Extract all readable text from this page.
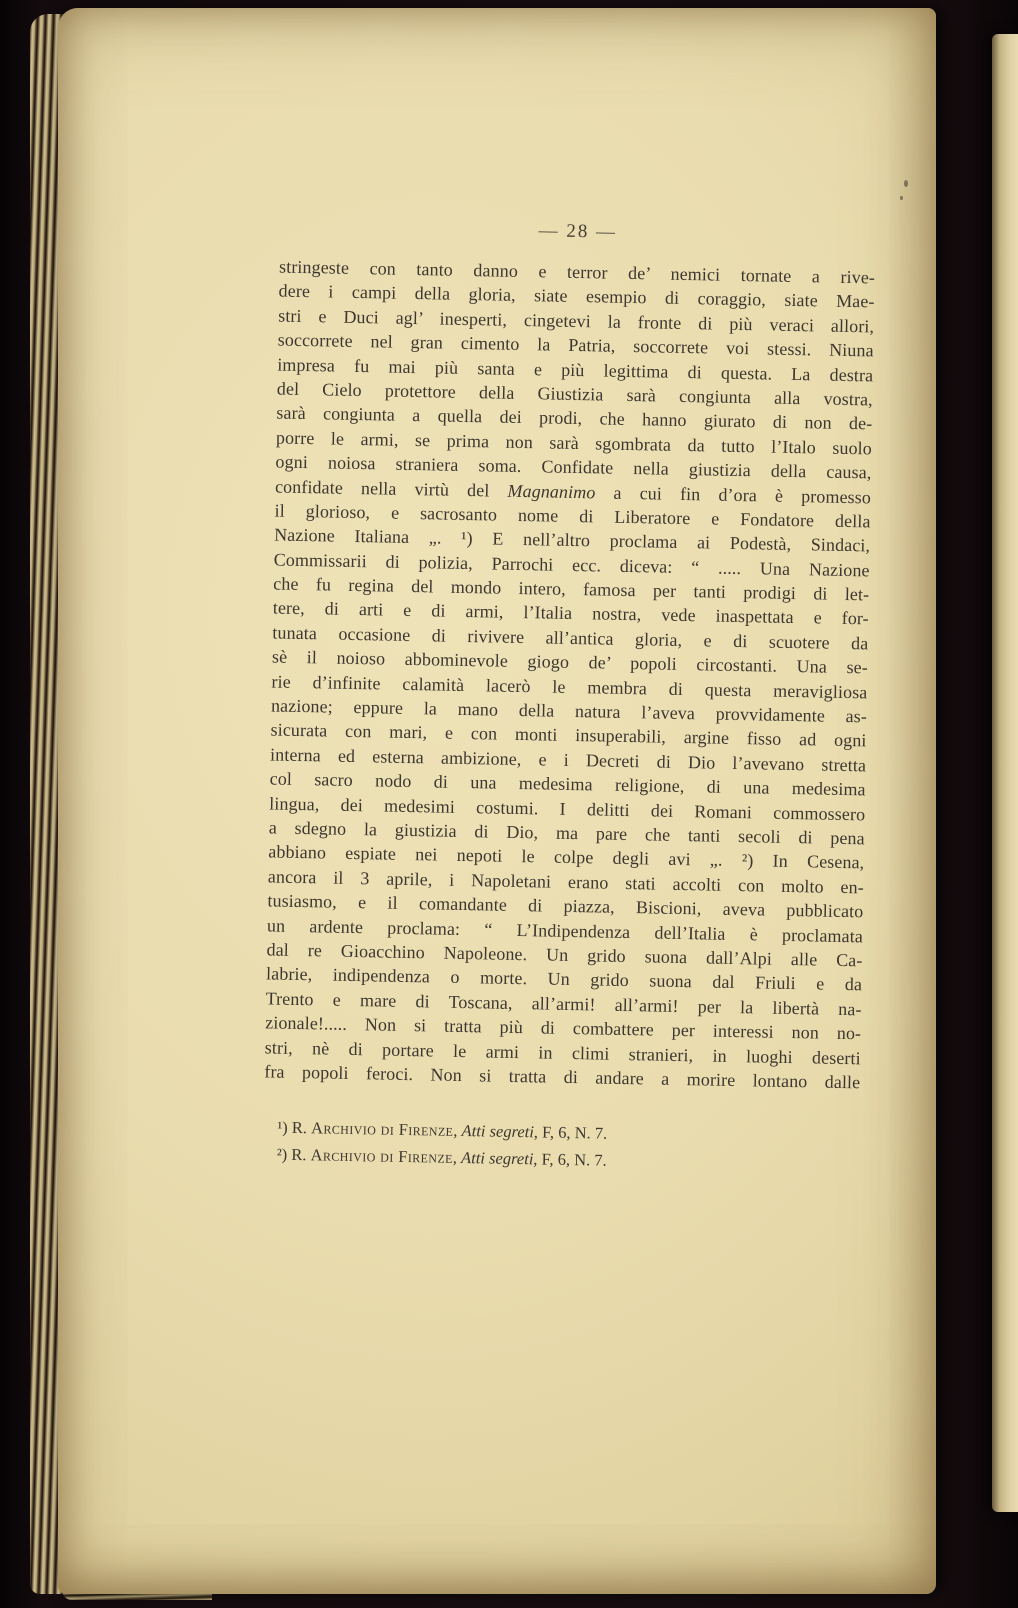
— 28 —
stringeste con tanto danno e terror de’ nemici tornate a rive-
dere i campi della gloria, siate esempio di coraggio, siate Mae-
stri e Duci agl’ inesperti, cingetevi la fronte di più veraci allori,
soccorrete nel gran cimento la Patria, soccorrete voi stessi. Niuna
impresa fu mai più santa e più legittima di questa. La destra
del Cielo protettore della Giustizia sarà congiunta alla vostra,
sarà congiunta a quella dei prodi, che hanno giurato di non de-
porre le armi, se prima non sarà sgombrata da tutto l’Italo suolo
ogni noiosa straniera soma. Confidate nella giustizia della causa,
confidate nella virtù del Magnanimo a cui fin d’ora è promesso
il glorioso, e sacrosanto nome di Liberatore e Fondatore della
Nazione Italiana „. ¹) E nell’altro proclama ai Podestà, Sindaci,
Commissarii di polizia, Parrochi ecc. diceva: “ ..... Una Nazione
che fu regina del mondo intero, famosa per tanti prodigi di let-
tere, di arti e di armi, l’Italia nostra, vede inaspettata e for-
tunata occasione di rivivere all’antica gloria, e di scuotere da
sè il noioso abbominevole giogo de’ popoli circostanti. Una se-
rie d’infinite calamità lacerò le membra di questa meravigliosa
nazione; eppure la mano della natura l’aveva provvidamente as-
sicurata con mari, e con monti insuperabili, argine fisso ad ogni
interna ed esterna ambizione, e i Decreti di Dio l’avevano stretta
col sacro nodo di una medesima religione, di una medesima
lingua, dei medesimi costumi. I delitti dei Romani commossero
a sdegno la giustizia di Dio, ma pare che tanti secoli di pena
abbiano espiate nei nepoti le colpe degli avi „. ²) In Cesena,
ancora il 3 aprile, i Napoletani erano stati accolti con molto en-
tusiasmo, e il comandante di piazza, Biscioni, aveva pubblicato
un ardente proclama: “ L’Indipendenza dell’Italia è proclamata
dal re Gioacchino Napoleone. Un grido suona dall’Alpi alle Ca-
labrie, indipendenza o morte. Un grido suona dal Friuli e da
Trento e mare di Toscana, all’armi! all’armi! per la libertà na-
zionale!..... Non si tratta più di combattere per interessi non no-
stri, nè di portare le armi in climi stranieri, in luoghi deserti
fra popoli feroci. Non si tratta di andare a morire lontano dalle
¹) R. Archivio di Firenze, Atti segreti, F, 6, N. 7.
²) R. Archivio di Firenze, Atti segreti, F, 6, N. 7.
